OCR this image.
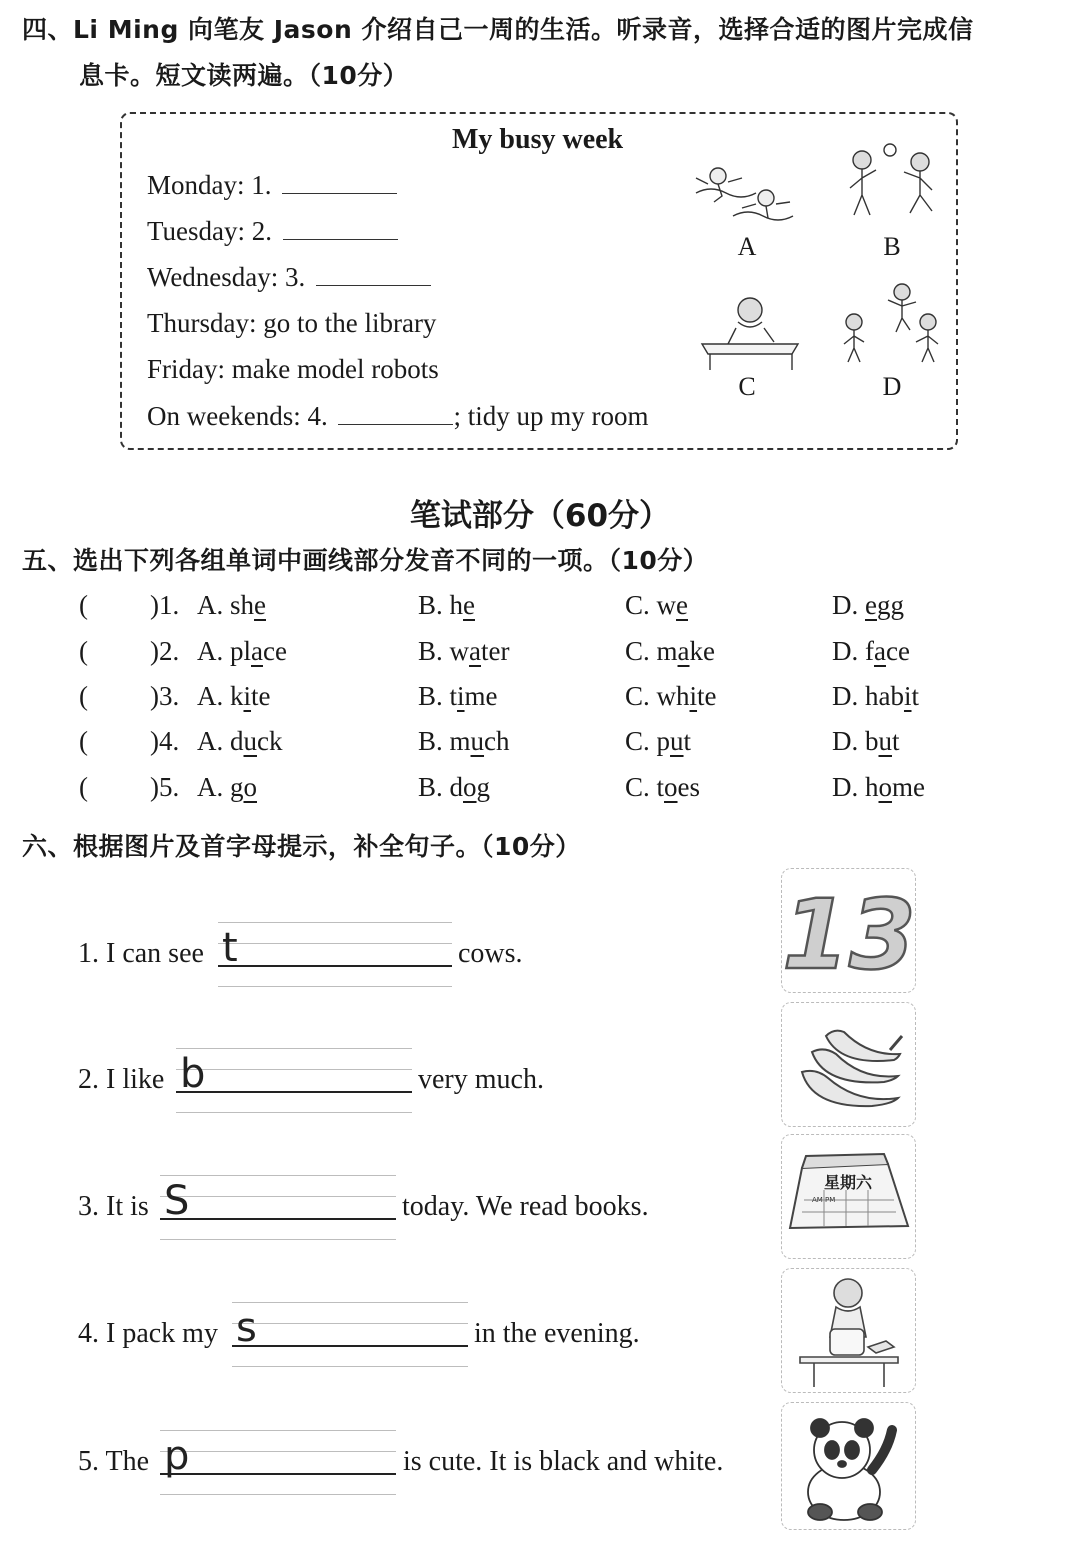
四、Li Ming 向笔友 Jason 介绍自己一周的生活。听录音，选择合适的图片完成信
息卡。短文读两遍。（10分）
My busy week
Monday: 1.
Tuesday: 2.
Wednesday: 3.
Thursday: go to the library
Friday: make model robots
On weekends: 4.	; tidy up my room
A	B
C	D
笔试部分（60分）
五、选出下列各组单词中画线部分发音不同的一项。（10分）
( )1. A. she	B. he	C. we	D. egg
( )2. A. place	B. water	C. make	D. face
( )3. A. kite	B. time	C. white	D. habit
( )4. A. duck	B. much	C. put	D. but
( )5. A. go	B. dog	C. toes	D. home
六、根据图片及首字母提示，补全句子。（10分）
t
1. I can see	cows.
b
2. I like	very much.
S
3. It is	today. We read books.
s
4. I pack my	in the evening.
p
5. The	is cute. It is black and white.
13
星期六
AM PM
